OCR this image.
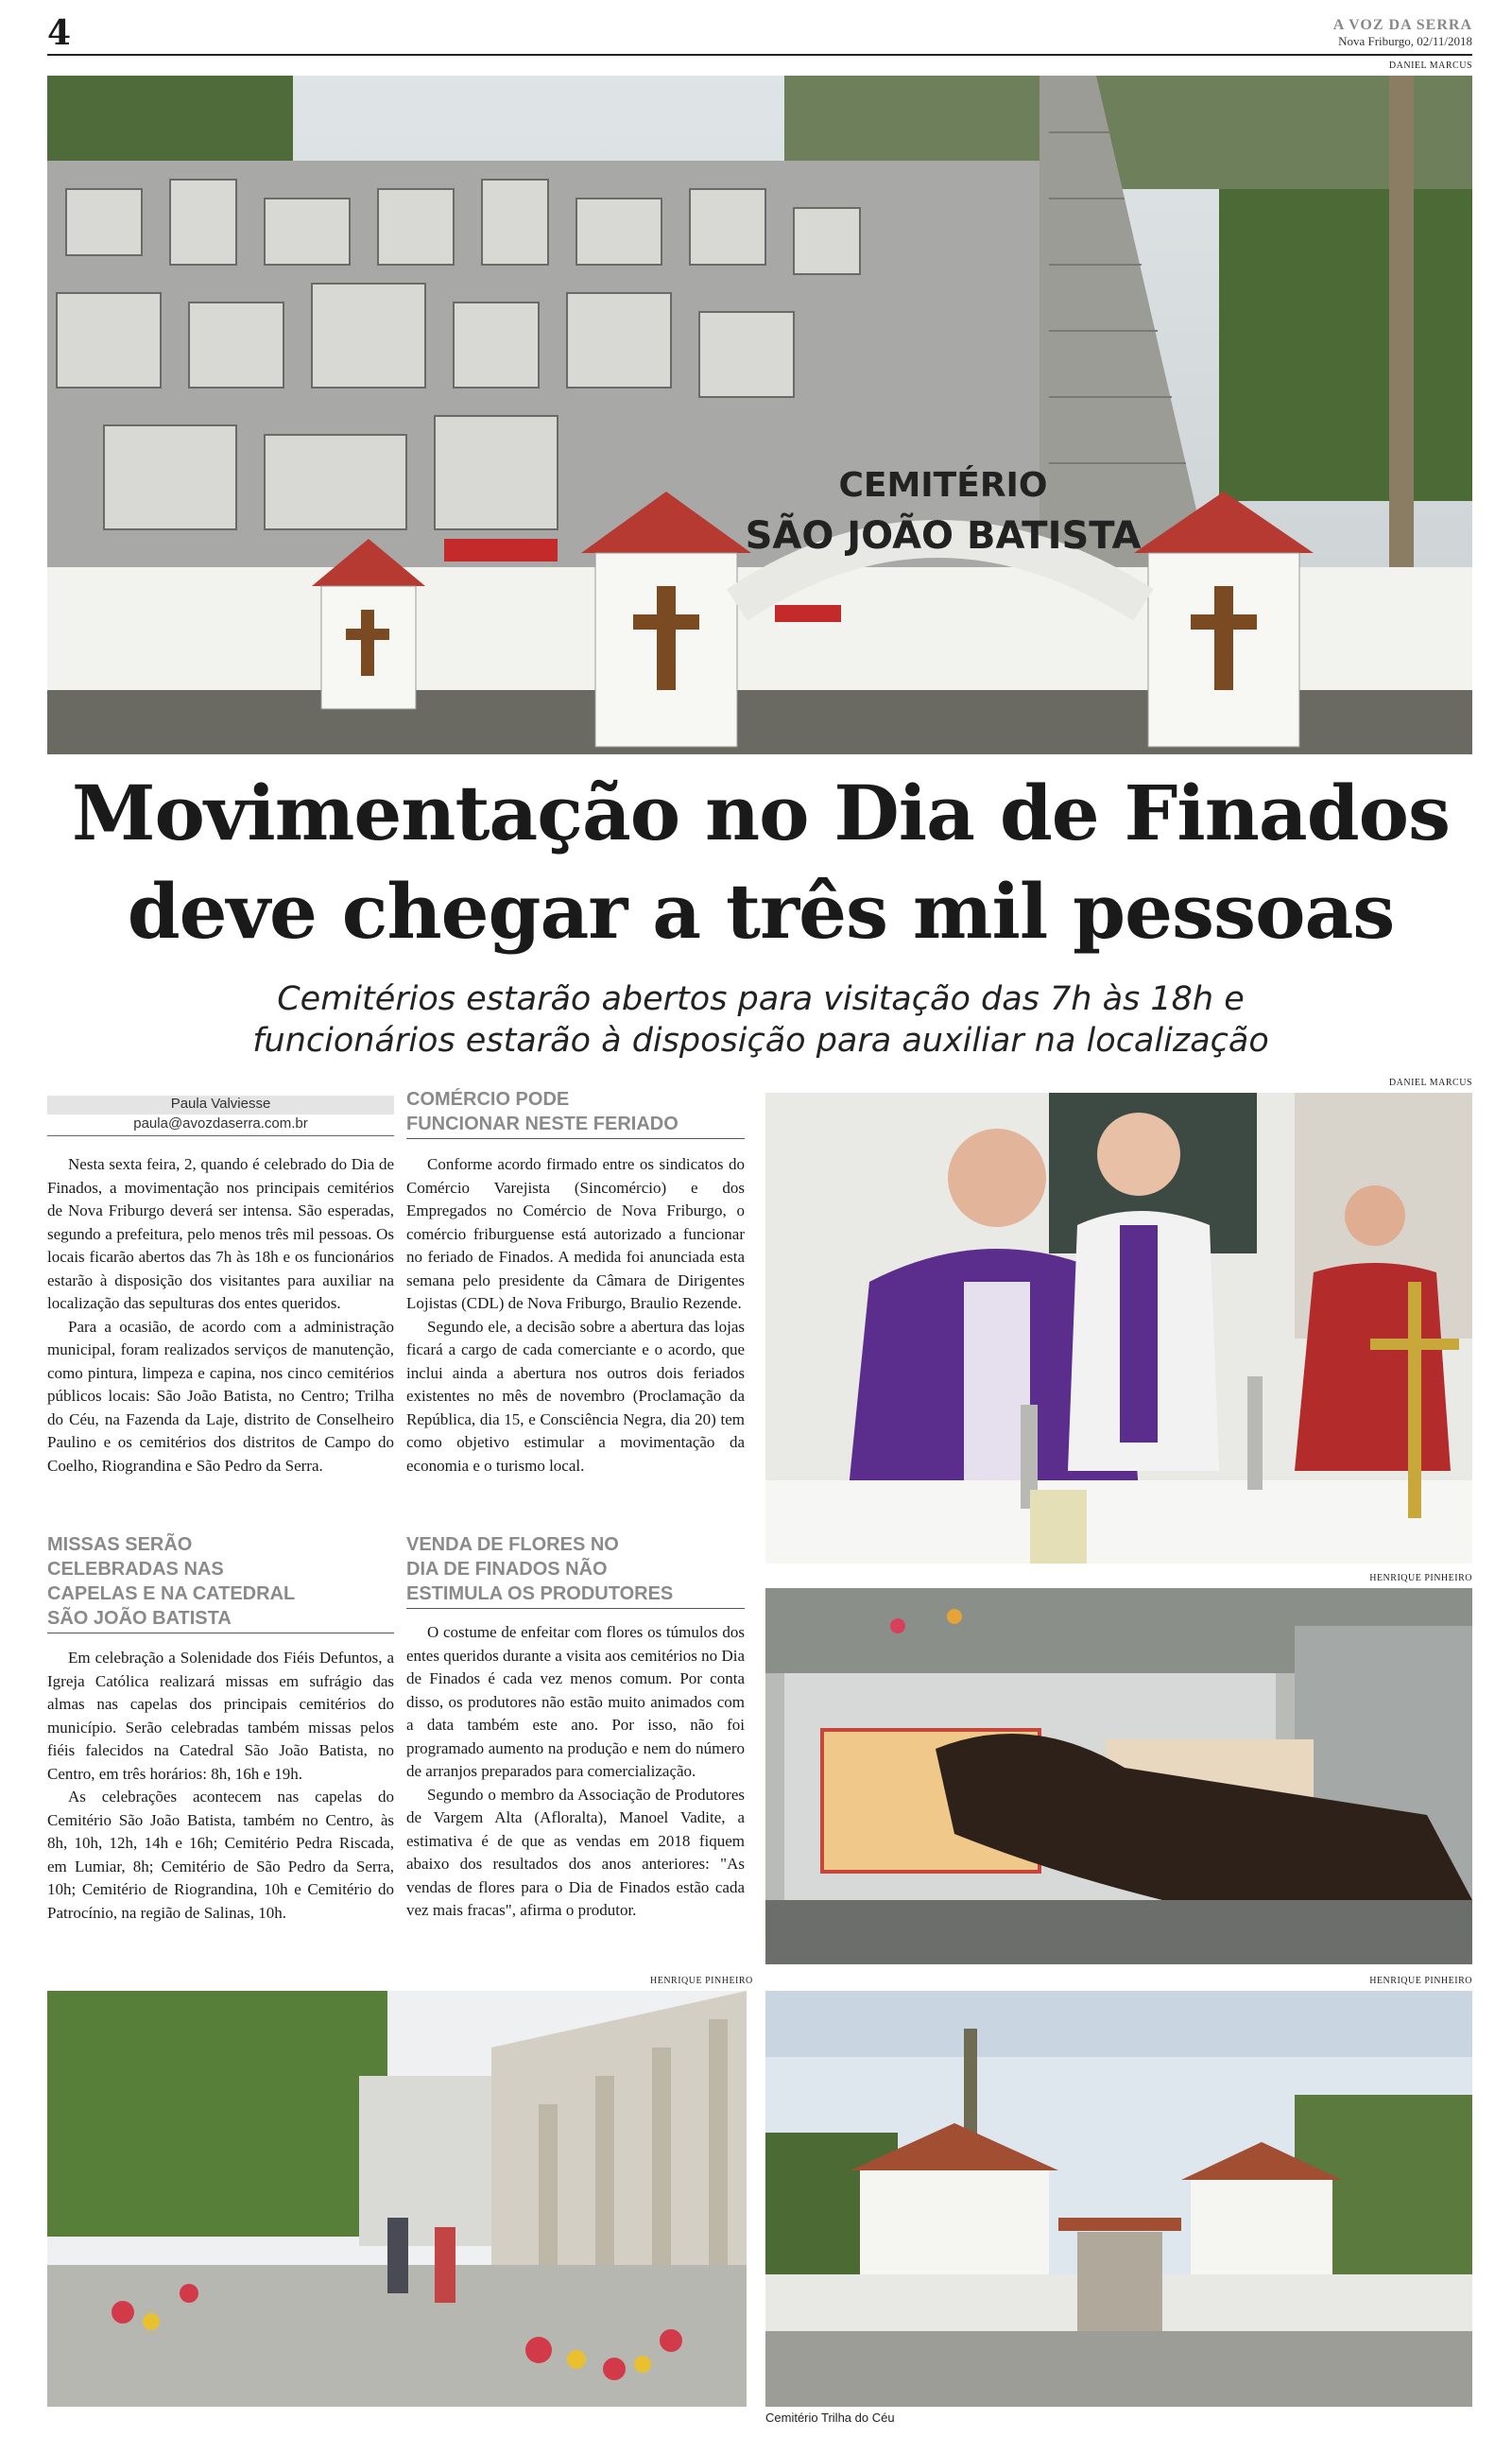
4	A VOZ DA SERRA
Nova Friburgo, 02/11/2018
DANIEL MARCUS
CEMITÉRIO
SÃO JOÃO BATISTA
Movimentação no Dia de Finados
deve chegar a três mil pessoas
Cemitérios estarão abertos para visitação das 7h às 18h e
funcionários estarão à disposição para auxiliar na localização
Paula Valviesse
paula@avozdaserra.com.br

Nesta sexta feira, 2, quando é celebrado do Dia de Finados, a movimentação nos principais cemitérios de Nova Friburgo deverá ser intensa. São esperadas, segundo a prefeitura, pelo menos três mil pessoas. Os locais ficarão abertos das 7h às 18h e os funcionários estarão à disposição dos visitantes para auxiliar na localização das sepulturas dos entes queridos.

Para a ocasião, de acordo com a administração municipal, foram realizados serviços de manutenção, como pintura, limpeza e capina, nos cinco cemitérios públicos locais: São João Batista, no Centro; Trilha do Céu, na Fazenda da Laje, distrito de Conselheiro Paulino e os cemitérios dos distritos de Campo do Coelho, Riograndina e São Pedro da Serra.

MISSAS SERÃO
CELEBRADAS NAS
CAPELAS E NA CATEDRAL
SÃO JOÃO BATISTA

Em celebração a Solenidade dos Fiéis Defuntos, a Igreja Católica realizará missas em sufrágio das almas nas capelas dos principais cemitérios do município. Serão celebradas também missas pelos fiéis falecidos na Catedral São João Batista, no Centro, em três horários: 8h, 16h e 19h.

As celebrações acontecem nas capelas do Cemitério São João Batista, também no Centro, às 8h, 10h, 12h, 14h e 16h; Cemitério Pedra Riscada, em Lumiar, 8h; Cemitério de São Pedro da Serra, 10h; Cemitério de Riograndina, 10h e Cemitério do Patrocínio, na região de Salinas, 10h.

COMÉRCIO PODE
FUNCIONAR NESTE FERIADO

Conforme acordo firmado entre os sindicatos do Comércio Varejista (Sincomércio) e dos Empregados no Comércio de Nova Friburgo, o comércio friburguense está autorizado a funcionar no feriado de Finados. A medida foi anunciada esta semana pelo presidente da Câmara de Dirigentes Lojistas (CDL) de Nova Friburgo, Braulio Rezende.

Segundo ele, a decisão sobre a abertura das lojas ficará a cargo de cada comerciante e o acordo, que inclui ainda a abertura nos outros dois feriados existentes no mês de novembro (Proclamação da República, dia 15, e Consciência Negra, dia 20) tem como objetivo estimular a movimentação da economia e o turismo local.

VENDA DE FLORES NO
DIA DE FINADOS NÃO
ESTIMULA OS PRODUTORES

O costume de enfeitar com flores os túmulos dos entes queridos durante a visita aos cemitérios no Dia de Finados é cada vez menos comum. Por conta disso, os produtores não estão muito animados com a data também este ano. Por isso, não foi programado aumento na produção e nem do número de arranjos preparados para comercialização.

Segundo o membro da Associação de Produtores de Vargem Alta (Afloralta), Manoel Vadite, a estimativa é de que as vendas em 2018 fiquem abaixo dos resultados dos anos anteriores: "As vendas de flores para o Dia de Finados estão cada vez mais fracas", afirma o produtor.

DANIEL MARCUS
HENRIQUE PINHEIRO
HENRIQUE PINHEIRO	HENRIQUE PINHEIRO
Cemitério Trilha do Céu
